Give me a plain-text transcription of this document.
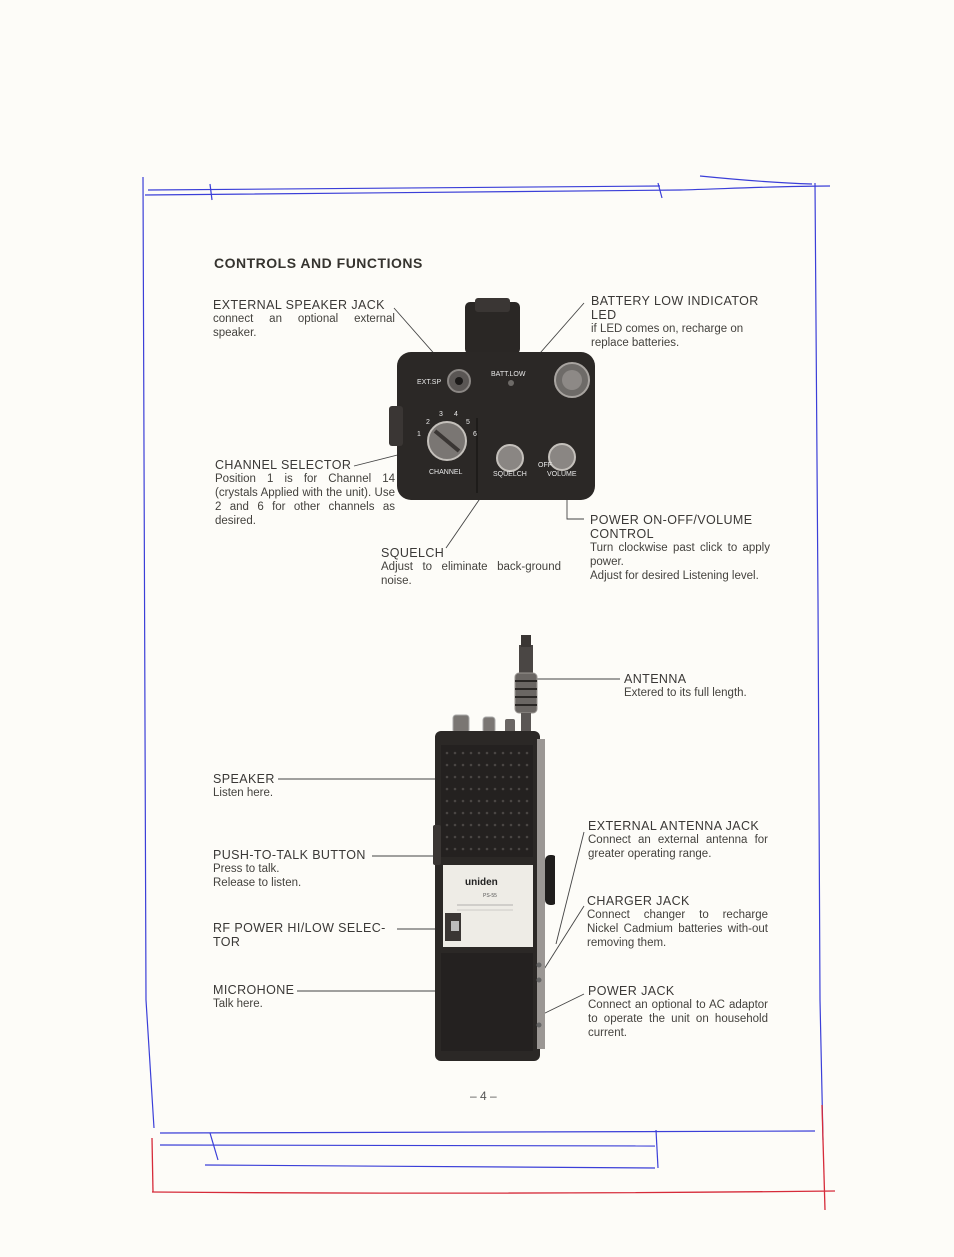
CONTROLS AND FUNCTIONS
EXT.SP
BATT.LOW
CHANNEL	SQUELCH
OFF
VOLUME
1
2
3 4
5
6
EXTERNAL SPEAKER JACK
connect an optional external speaker.
BATTERY LOW INDICATOR LED
if LED comes on, recharge on replace batteries.
CHANNEL SELECTOR
Position 1 is for Channel 14 (crystals Applied with the unit). Use 2 and 6 for other channels as desired.
SQUELCH
Adjust to eliminate back-ground noise.
POWER ON-OFF/VOLUME CONTROL
Turn clockwise past click to apply power.
Adjust for desired Listening level.
uniden
PS-55
ANTENNA
Extered to its full length.
SPEAKER
Listen here.
PUSH-TO-TALK BUTTON
Press to talk.
Release to listen.
RF POWER HI/LOW SELEC-TOR
MICROHONE
Talk here.
EXTERNAL ANTENNA JACK
Connect an external antenna for greater operating range.
CHARGER JACK
Connect changer to recharge Nickel Cadmium batteries with-out removing them.
POWER JACK
Connect an optional to AC adaptor to operate the unit on household current.
– 4 –
